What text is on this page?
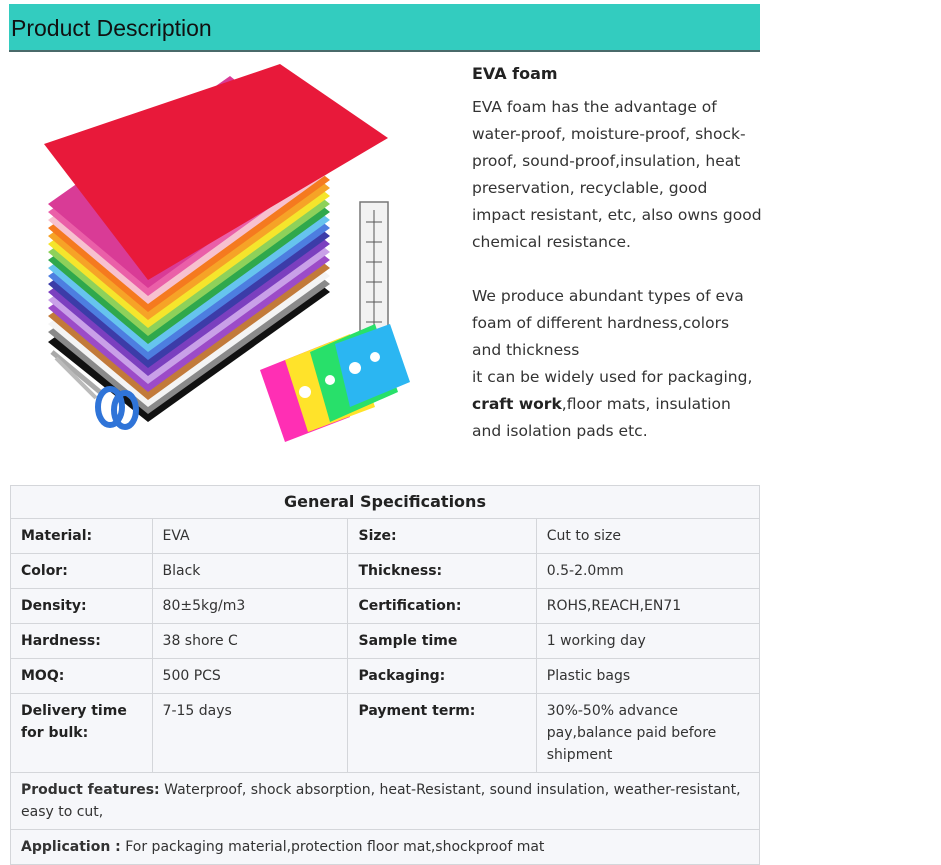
Product Description
EVA foam

EVA foam has the advantage of water-proof, moisture-proof, shock-proof, sound-proof,insulation, heat preservation, recyclable, good impact resistant, etc, also owns good chemical resistance.

We produce abundant types of eva foam of different hardness,colors and thickness
it can be widely used for packaging, craft work,floor mats, insulation and isolation pads etc.

General Specifications			
Material:	EVA	Size:	Cut to size
Color:	Black	Thickness:	0.5-2.0mm
Density:	80±5kg/m3	Certification:	ROHS,REACH,EN71
Hardness:	38 shore C	Sample time	1 working day
MOQ:	500 PCS	Packaging:	Plastic bags
Delivery time for bulk:	7-15 days	Payment term:	30%-50% advance pay,balance paid before shipment
Product features: Waterproof, shock absorption, heat-Resistant, sound insulation, weather-resistant, easy to cut,			
Application : For packaging material,protection floor mat,shockproof mat			
